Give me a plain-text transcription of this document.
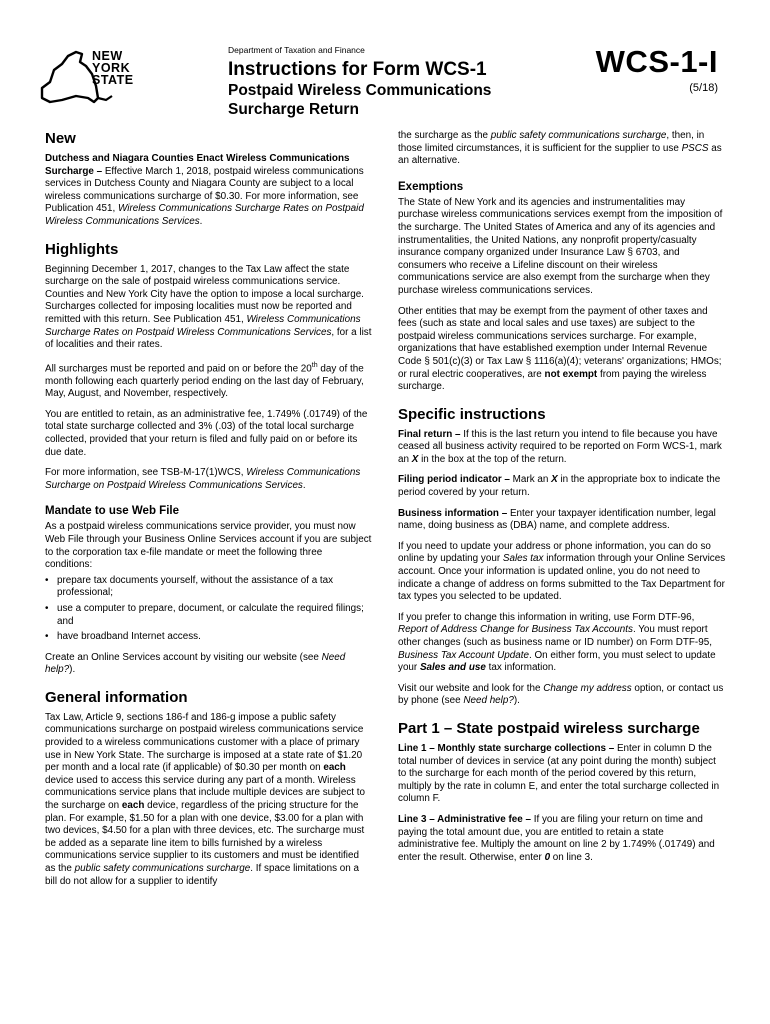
NEW
YORK
STATE
Department of Taxation and Finance
Instructions for Form WCS-1
Postpaid Wireless Communications Surcharge Return
WCS-1-I
(5/18)
New

Dutchess and Niagara Counties Enact Wireless Communications Surcharge – Effective March 1, 2018, postpaid wireless communications services in Dutchess County and Niagara County are subject to a local wireless communications surcharge of $0.30. For more information, see Publication 451, Wireless Communications Surcharge Rates on Postpaid Wireless Communications Services.

Highlights

Beginning December 1, 2017, changes to the Tax Law affect the state surcharge on the sale of postpaid wireless communications service. Counties and New York City have the option to impose a local surcharge. Surcharges collected for imposing localities must now be reported and remitted with this return. See Publication 451, Wireless Communications Surcharge Rates on Postpaid Wireless Communications Services, for a list of localities and their rates.

All surcharges must be reported and paid on or before the 20th day of the month following each quarterly period ending on the last day of February, May, August, and November, respectively.

You are entitled to retain, as an administrative fee, 1.749% (.01749) of the total state surcharge collected and 3% (.03) of the total local surcharge collected, provided that your return is filed and fully paid on or before its due date.

For more information, see TSB-M-17(1)WCS, Wireless Communications Surcharge on Postpaid Wireless Communications Services.

Mandate to use Web File

As a postpaid wireless communications service provider, you must now Web File through your Business Online Services account if you are subject to the corporation tax e-file mandate or meet the following three conditions:

• prepare tax documents yourself, without the assistance of a tax professional;
• use a computer to prepare, document, or calculate the required filings; and
• have broadband Internet access.

Create an Online Services account by visiting our website (see Need help?).

General information

Tax Law, Article 9, sections 186-f and 186-g impose a public safety communications surcharge on postpaid wireless communications service provided to a wireless communications customer with a place of primary use in New York State. The surcharge is imposed at a state rate of $1.20 per month and a local rate (if applicable) of $0.30 per month on each device used to access this service during any part of a month. Wireless communications service plans that include multiple devices are subject to the surcharge on each device, regardless of the pricing structure for the plan. For example, $1.50 for a plan with one device, $3.00 for a plan with two devices, $4.50 for a plan with three devices, etc. The surcharge must be added as a separate line item to bills furnished by a wireless communications service supplier to its customers and must be identified as the public safety communications surcharge. If space limitations on a bill do not allow for a supplier to identify

the surcharge as the public safety communications surcharge, then, in those limited circumstances, it is sufficient for the supplier to use PSCS as an alternative.

Exemptions

The State of New York and its agencies and instrumentalities may purchase wireless communications services exempt from the imposition of the surcharge. The United States of America and any of its agencies and instrumentalities, the United Nations, any nonprofit property/casualty insurance company organized under Insurance Law § 6703, and consumers who receive a Lifeline discount on their wireless communications service are also exempt from the surcharge when they purchase wireless communications services.

Other entities that may be exempt from the payment of other taxes and fees (such as state and local sales and use taxes) are subject to the postpaid wireless communications services surcharge. For example, organizations that have established exemption under Internal Revenue Code § 501(c)(3) or Tax Law § 1116(a)(4); veterans' organizations; HMOs; or rural electric cooperatives, are not exempt from paying the wireless surcharge.

Specific instructions

Final return – If this is the last return you intend to file because you have ceased all business activity required to be reported on Form WCS-1, mark an X in the box at the top of the return.

Filing period indicator – Mark an X in the appropriate box to indicate the period covered by your return.

Business information – Enter your taxpayer identification number, legal name, doing business as (DBA) name, and complete address.

If you need to update your address or phone information, you can do so online by updating your Sales tax information through your Online Services account. Once your information is updated online, you do not need to indicate a change of address on forms submitted to the Tax Department for tax types you selected to be updated.

If you prefer to change this information in writing, use Form DTF-96, Report of Address Change for Business Tax Accounts. You must report other changes (such as business name or ID number) on Form DTF-95, Business Tax Account Update. On either form, you must select to update your Sales and use tax information.

Visit our website and look for the Change my address option, or contact us by phone (see Need help?).

Part 1 – State postpaid wireless surcharge

Line 1 – Monthly state surcharge collections – Enter in column D the total number of devices in service (at any point during the month) subject to the surcharge for each month of the period covered by this return, multiply by the rate in column E, and enter the total surcharge collected in column F.

Line 3 – Administrative fee – If you are filing your return on time and paying the total amount due, you are entitled to retain a state administrative fee. Multiply the amount on line 2 by 1.749% (.01749) and enter the result. Otherwise, enter 0 on line 3.
